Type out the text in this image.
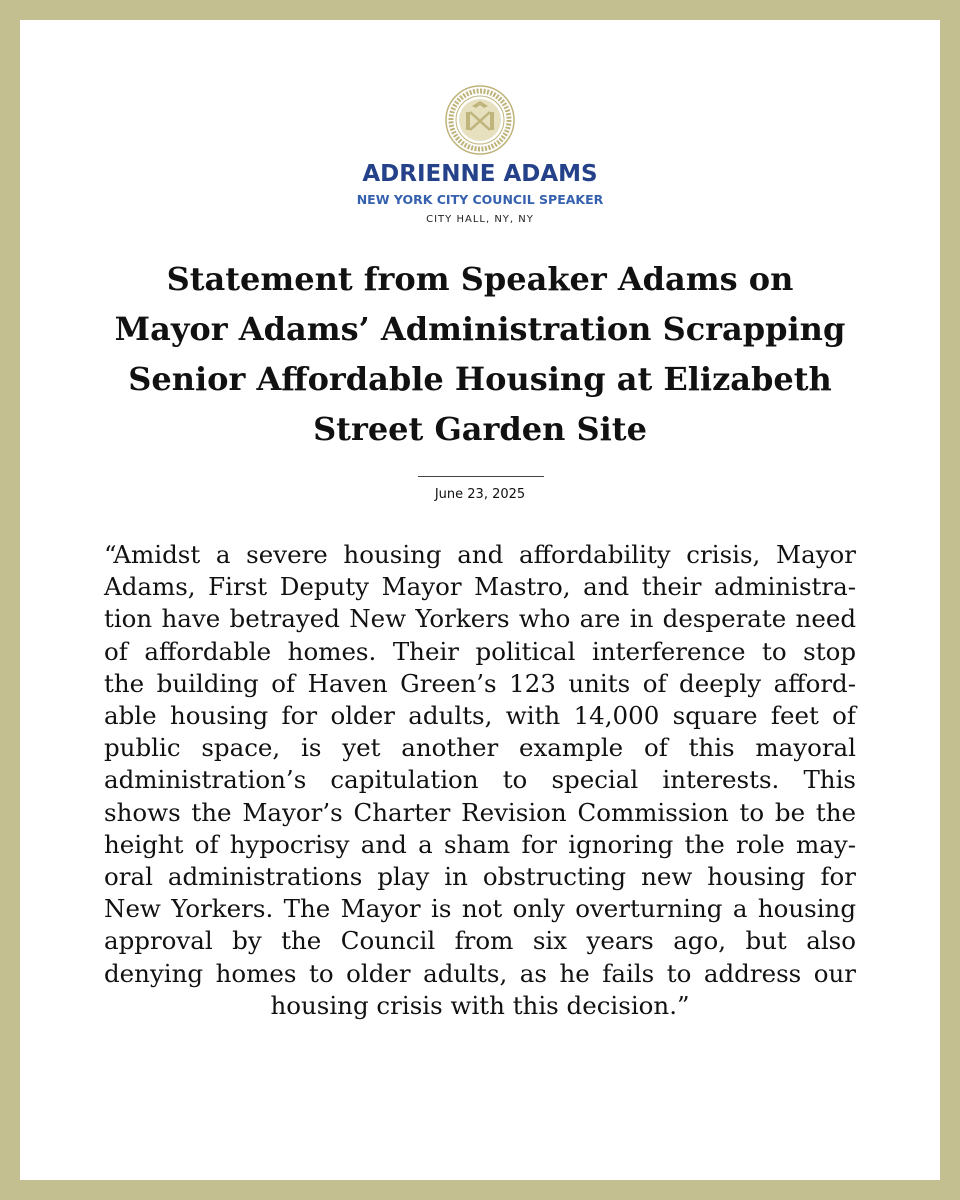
ADRIENNE ADAMS
NEW YORK CITY COUNCIL SPEAKER
CITY HALL, NY, NY
Statement from Speaker Adams on
Mayor Adams’ Administration Scrapping
Senior Affordable Housing at Elizabeth
Street Garden Site
June 23, 2025
“Amidst a severe housing and affordability crisis, Mayor
Adams, First Deputy Mayor Mastro, and their administra-
tion have betrayed New Yorkers who are in desperate need
of affordable homes. Their political interference to stop
the building of Haven Green’s 123 units of deeply afford-
able housing for older adults, with 14,000 square feet of
public space, is yet another example of this mayoral
administration’s capitulation to special interests. This
shows the Mayor’s Charter Revision Commission to be the
height of hypocrisy and a sham for ignoring the role may-
oral administrations play in obstructing new housing for
New Yorkers. The Mayor is not only overturning a housing
approval by the Council from six years ago, but also
denying homes to older adults, as he fails to address our
housing crisis with this decision.”
